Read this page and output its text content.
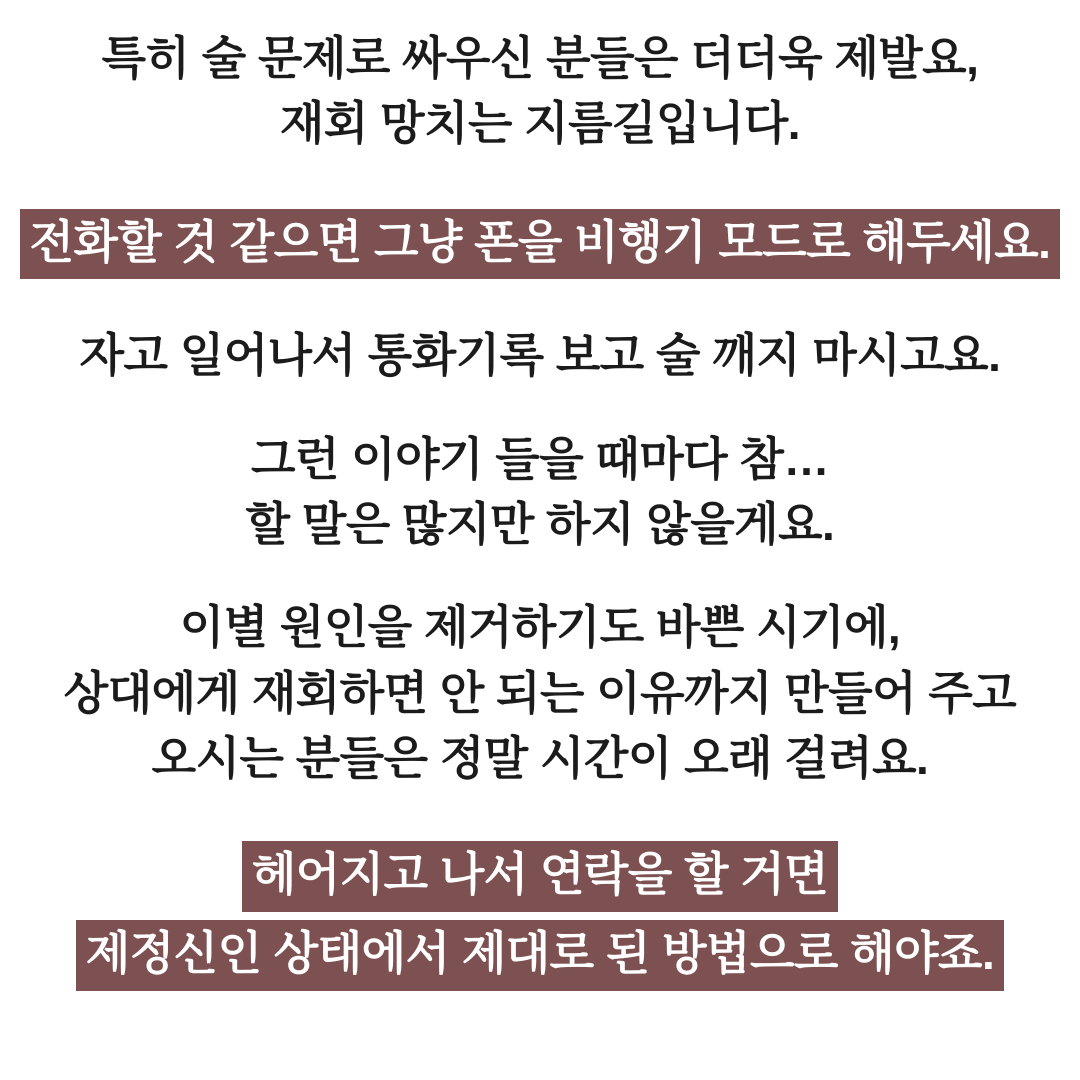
특히 술 문제로 싸우신 분들은 더더욱 제발요,
재회 망치는 지름길입니다.
전화할 것 같으면 그냥 폰을 비행기 모드로 해두세요.
자고 일어나서 통화기록 보고 술 깨지 마시고요.
그런 이야기 들을 때마다 참…
할 말은 많지만 하지 않을게요.
이별 원인을 제거하기도 바쁜 시기에,
상대에게 재회하면 안 되는 이유까지 만들어 주고
오시는 분들은 정말 시간이 오래 걸려요.
헤어지고 나서 연락을 할 거면
제정신인 상태에서 제대로 된 방법으로 해야죠.
